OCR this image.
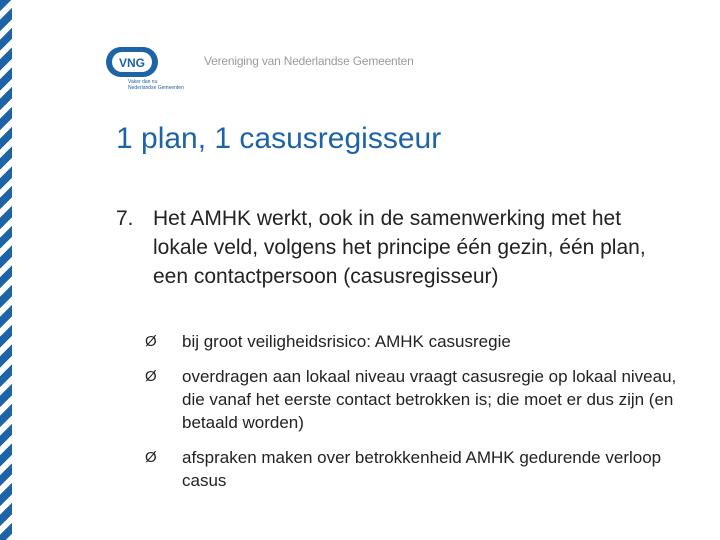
VNG
Vaker dan nu
Nederlandse Gemeenten
Vereniging van Nederlandse Gemeenten
1 plan, 1 casusregisseur
7. Het AMHK werkt, ook in de samenwerking met het lokale veld, volgens het principe één gezin, één plan, een contactpersoon (casusregisseur)
Ø	bij groot veiligheidsrisico: AMHK casusregie
Ø	overdragen aan lokaal niveau vraagt casusregie op lokaal niveau, die vanaf het eerste contact betrokken is; die moet er dus zijn (en betaald worden)
Ø	afspraken maken over betrokkenheid AMHK gedurende verloop casus
